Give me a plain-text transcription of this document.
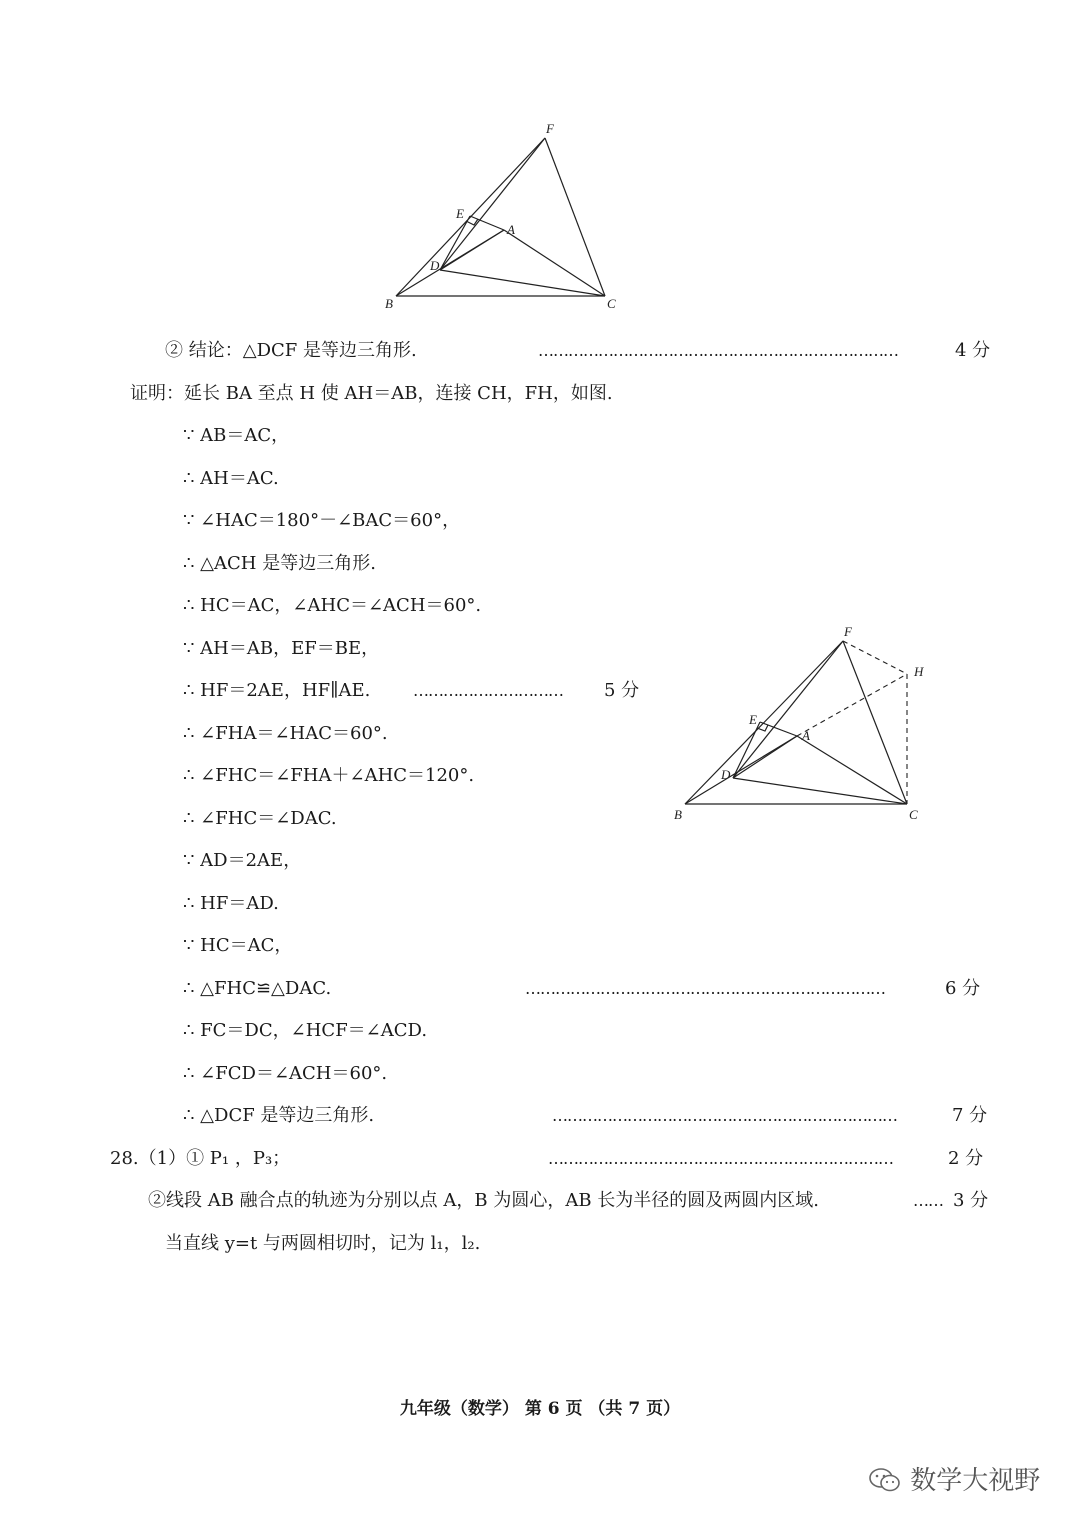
F
E
A
D
B	C
F
H
E
A
D
B	C
② 结论：△DCF 是等边三角形.	………………………………………………………………	4 分
证明：延长 BA 至点 H 使 AH＝AB，连接 CH，FH，如图.
∵ AB＝AC，
∴ AH＝AC.
∵ ∠HAC＝180°－∠BAC＝60°，
∴ △ACH 是等边三角形.
∴ HC＝AC，∠AHC＝∠ACH＝60°.
∵ AH＝AB，EF＝BE，
∴ HF＝2AE，HF∥AE.	………………………… 5 分
∴ ∠FHA＝∠HAC＝60°.
∴ ∠FHC＝∠FHA＋∠AHC＝120°.
∴ ∠FHC＝∠DAC.
∵ AD＝2AE，
∴ HF＝AD.
∵ HC＝AC，
∴ △FHC≌△DAC.	………………………………………………………………	6 分
∴ FC＝DC，∠HCF＝∠ACD.
∴ ∠FCD＝∠ACH＝60°.
∴ △DCF 是等边三角形.	……………………………………………………………	7 分
28.（1）① P₁ ，P₃；	……………………………………………………………	2 分
②线段 AB 融合点的轨迹为分别以点 A，B 为圆心，AB 长为半径的圆及两圆内区域.	…… 3 分
当直线 y=t 与两圆相切时，记为 l₁，l₂.
九年级（数学） 第 6 页 （共 7 页）
数学大视野
